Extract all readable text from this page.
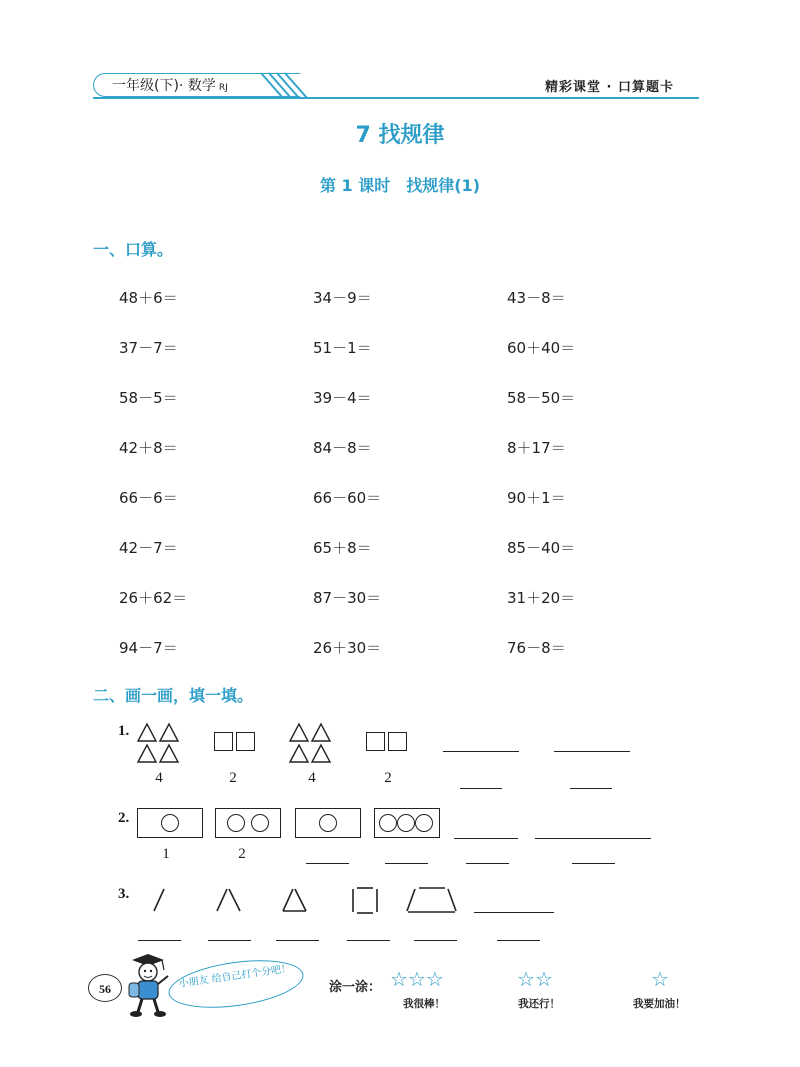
一年级(下)· 数学 RJ	精彩课堂 · 口算题卡
7 找规律
第 1 课时　找规律(1)
一、口算。
48＋6＝	34－9＝	43－8＝
37－7＝	51－1＝	60＋40＝
58－5＝	39－4＝	58－50＝
42＋8＝	84－8＝	8＋17＝
66－6＝	66－60＝	90＋1＝
42－7＝	65＋8＝	85－40＝
26＋62＝	87－30＝	31＋20＝
94－7＝	26＋30＝	76－8＝
二、画一画，填一填。
1.
4	2	4	2
2.
1	2
3.
56	小朋友 给自己打个分吧！	涂一涂： ☆☆☆
我很棒！
☆☆
我还行！
☆
我要加油！
